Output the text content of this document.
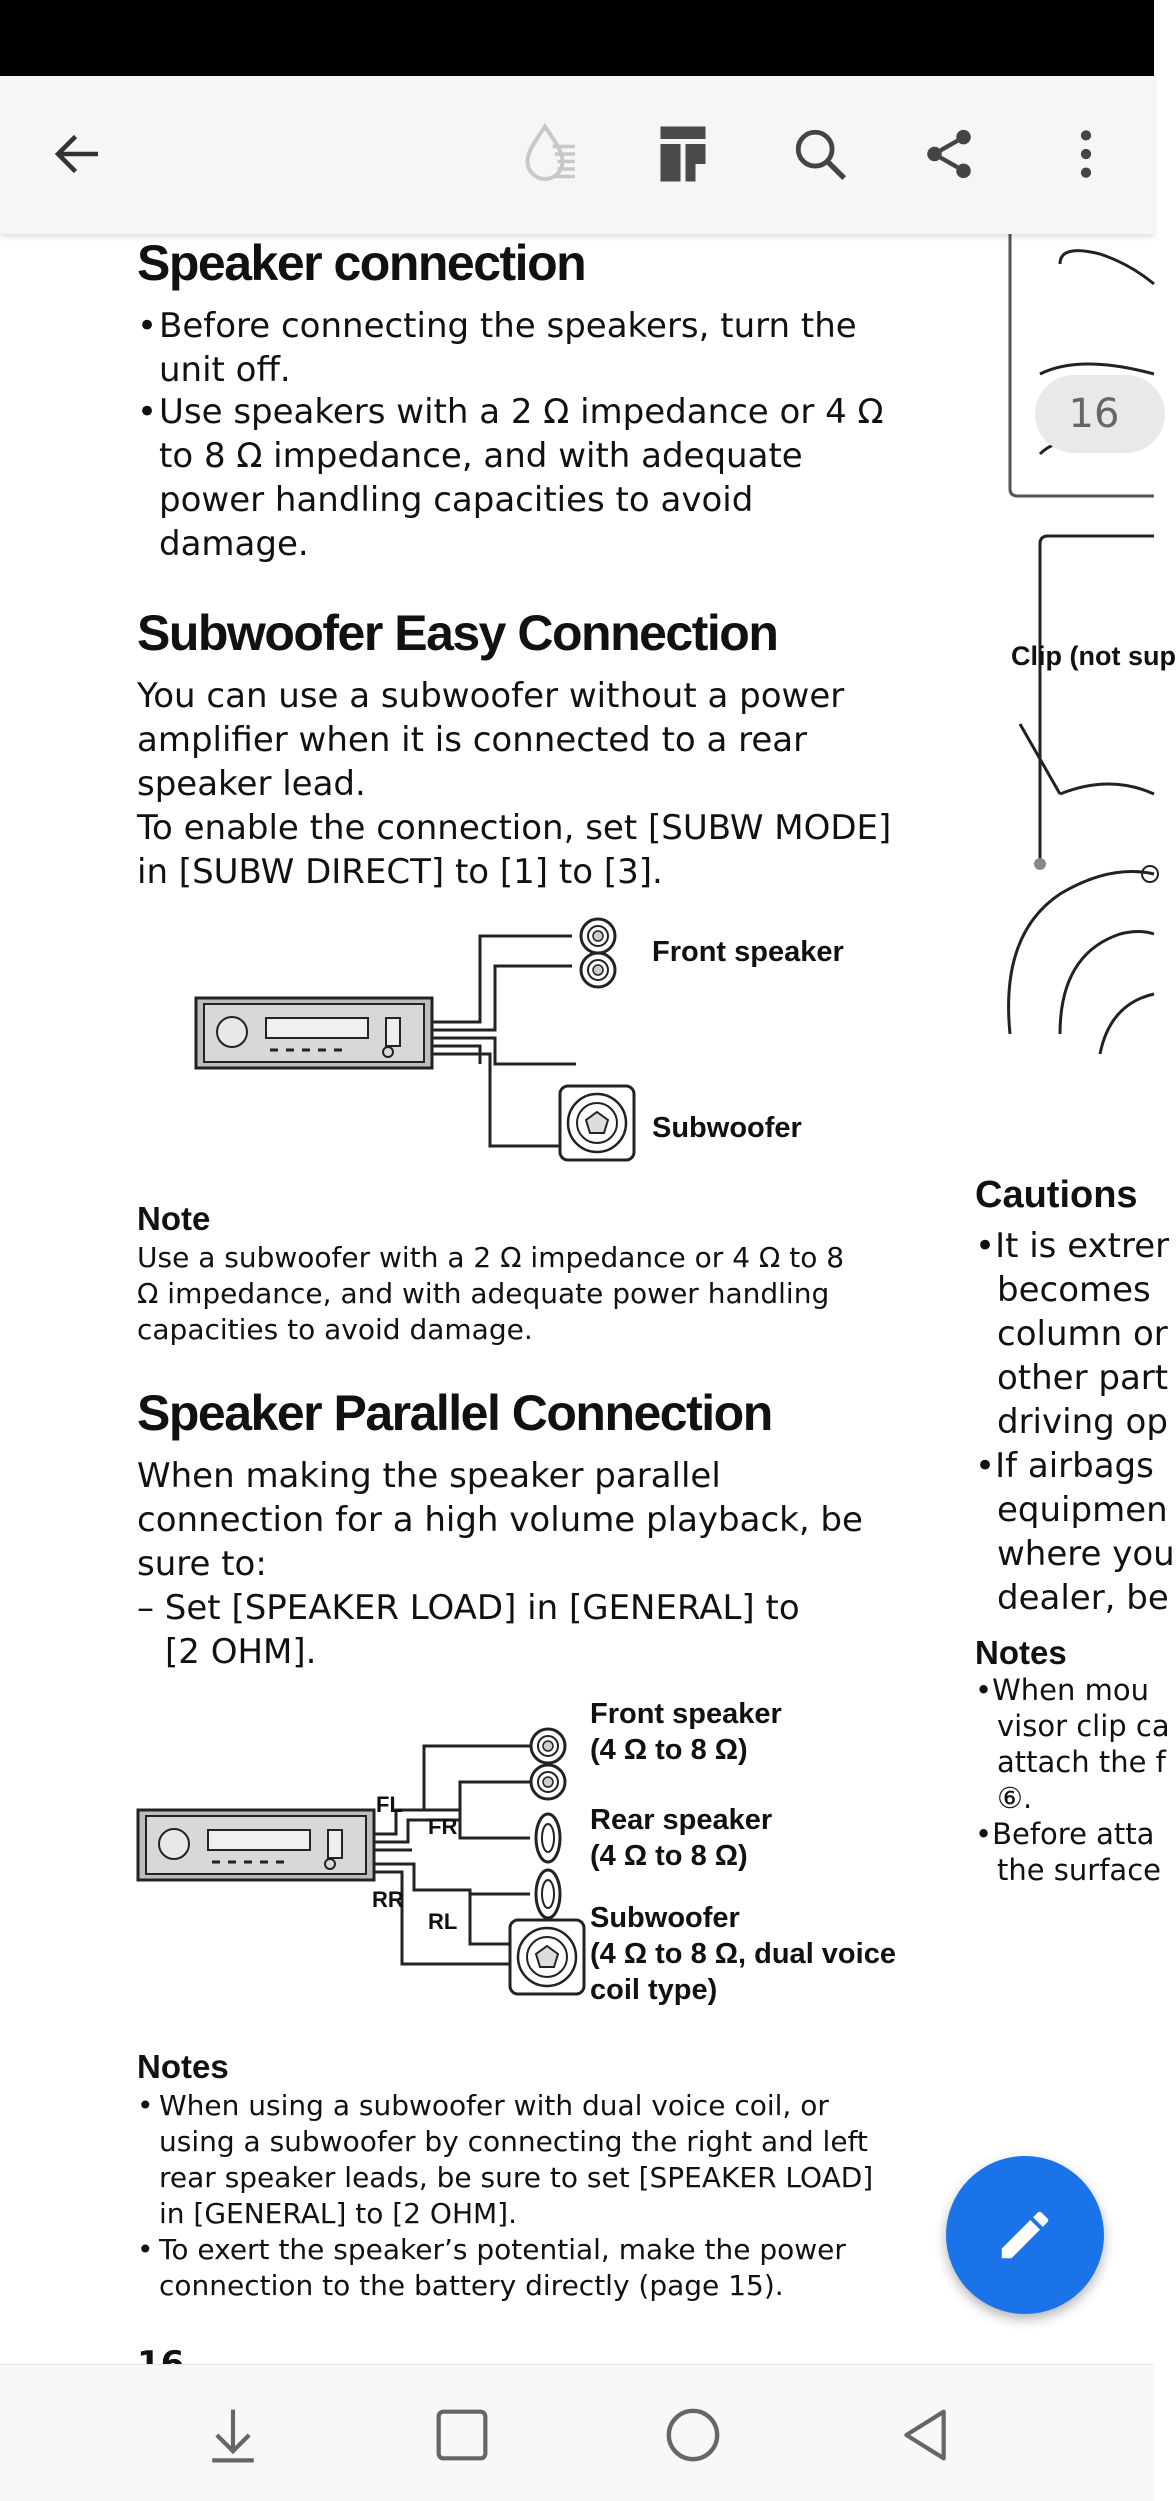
Speaker connection
• Before connecting the speakers, turn the
unit off.
• Use speakers with a 2 Ω impedance or 4 Ω
to 8 Ω impedance, and with adequate
power handling capacities to avoid
damage.
Subwoofer Easy Connection
You can use a subwoofer without a power
amplifier when it is connected to a rear
speaker lead.
To enable the connection, set [SUBW MODE]
in [SUBW DIRECT] to [1] to [3].
Front speaker
Subwoofer
Note
Use a subwoofer with a 2 Ω impedance or 4 Ω to 8
Ω impedance, and with adequate power handling
capacities to avoid damage.
Speaker Parallel Connection
When making the speaker parallel
connection for a high volume playback, be
sure to:
– Set [SPEAKER LOAD] in [GENERAL] to
[2 OHM].
FL
FR
RR
RL
Front speaker
(4 Ω to 8 Ω)
Rear speaker
(4 Ω to 8 Ω)
Subwoofer
(4 Ω to 8 Ω, dual voice
coil type)
Notes
• When using a subwoofer with dual voice coil, or
using a subwoofer by connecting the right and left
rear speaker leads, be sure to set [SPEAKER LOAD]
in [GENERAL] to [2 OHM].
• To exert the speaker’s potential, make the power
connection to the battery directly (page 15).
Clip (not sup
Cautions
•It is extrer
becomes
column or
other part
driving op
•If airbags
equipmen
where you
dealer, be
Notes
•When mou
visor clip ca
attach the f
⑥.
•Before atta
the surface
16
